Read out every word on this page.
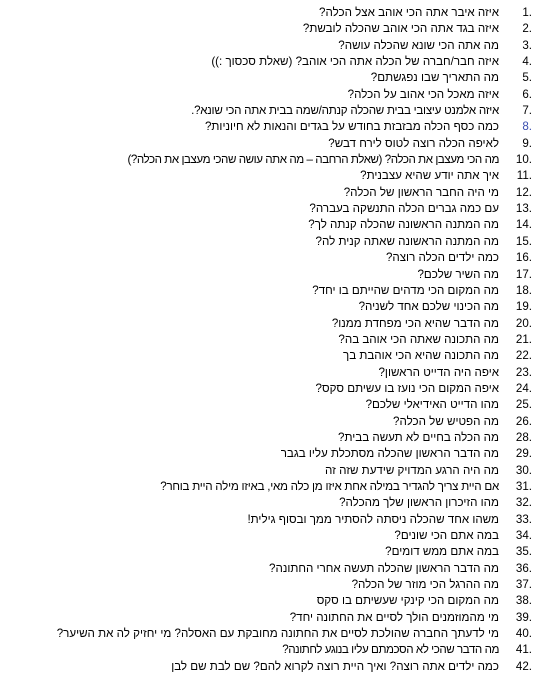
1.
איזה איבר אתה הכי אוהב אצל הכלה?
2.
איזה בגד אתה הכי אוהב שהכלה לובשת?
3.
מה אתה הכי שונא שהכלה עושה?
4.
איזה חבר/חברה של הכלה אתה הכי אוהב? (שאלת סכסוך :))
5.
מה התאריך שבו נפגשתם?
6.
איזה מאכל הכי אהוב על הכלה?
7.
איזה אלמנט עיצובי בבית שהכלה קנתה/שמה בבית אתה הכי שונא?.
8.
כמה כסף הכלה מבזבזת בחודש על בגדים והנאות לא חיוניות?
9.
לאיפה הכלה רוצה לטוס לירח דבש?
10.
מה הכי מעצבן את הכלה? (שאלת הרחבה – מה אתה עושה שהכי מעצבן את הכלה?)
11.
איך אתה יודע שהיא עצבנית?
12.
מי היה החבר הראשון של הכלה?
13.
עם כמה גברים הכלה התנשקה בעברה?
14.
מה המתנה הראשונה שהכלה קנתה לך?
15.
מה המתנה הראשונה שאתה קנית לה?
16.
כמה ילדים הכלה רוצה?
17.
מה השיר שלכם?
18.
מה המקום הכי מדהים שהייתם בו יחד?
19.
מה הכינוי שלכם אחד לשניה?
20.
מה הדבר שהיא הכי מפחדת ממנו?
21.
מה התכונה שאתה הכי אוהב בה?
22.
מה התכונה שהיא הכי אוהבת בך
23.
איפה היה הדייט הראשון?
24.
איפה המקום הכי נועז בו עשיתם סקס?
25.
מהו הדייט האידיאלי שלכם?
26.
מה הפטיש של הכלה?
28.
מה הכלה בחיים לא תעשה בבית?
29.
מה הדבר הראשון שהכלה מסתכלת עליו בגבר
30.
מה היה הרגע המדויק שידעת שזה זה
31.
אם היית צריך להגדיר במילה אחת איזו מן כלה מאי, באיזו מילה היית בוחר?
32.
מהו הזיכרון הראשון שלך מהכלה?
33.
משהו אחד שהכלה ניסתה להסתיר ממך ובסוף גילית!
34.
במה אתם הכי שונים?
35.
במה אתם ממש דומים?
36.
מה הדבר הראשון שהכלה תעשה אחרי החתונה?
37.
מה ההרגל הכי מוזר של הכלה?
38.
מה המקום הכי קינקי שעשיתם בו סקס
39.
מי מהמוזמנים הולך לסיים את החתונה יחד?
40.
מי לדעתך החברה שהולכת לסיים את החתונה מחובקת עם האסלה? מי יחזיק לה את השיער?
41.
מה הדבר שהכי לא הסכמתם עליו בנוגע לחתונה?
42.
כמה ילדים אתה רוצה? ואיך היית רוצה לקרוא להם? שם לבת שם לבן
